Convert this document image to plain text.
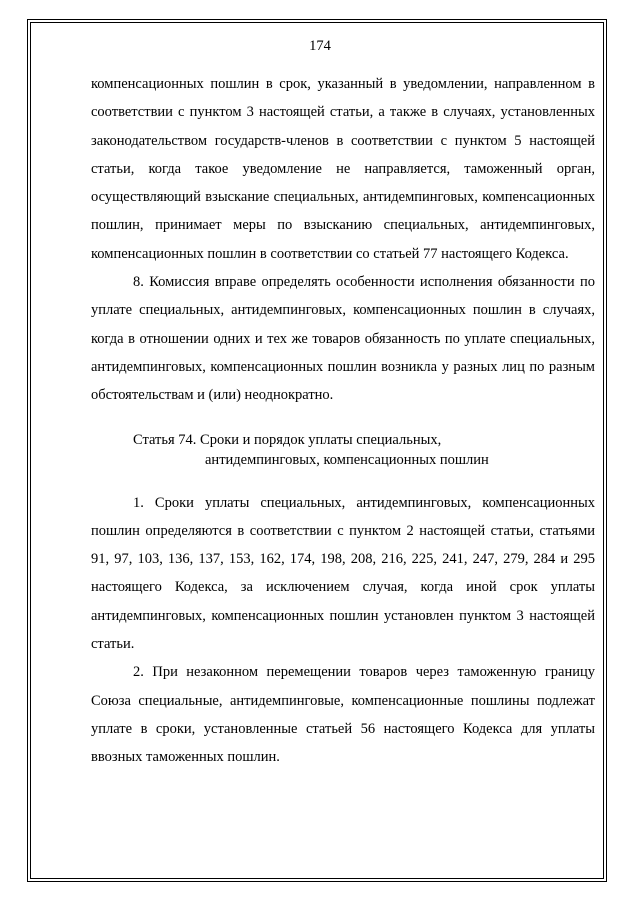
174

компенсационных пошлин в срок, указанный в уведомлении, направленном в соответствии с пунктом 3 настоящей статьи, а также в случаях, установленных законодательством государств-членов в соответствии с пунктом 5 настоящей статьи, когда такое уведомление не направляется, таможенный орган, осуществляющий взыскание специальных, антидемпинговых, компенсационных пошлин, принимает меры по взысканию специальных, антидемпинговых, компенсационных пошлин в соответствии со статьей 77 настоящего Кодекса.

8. Комиссия вправе определять особенности исполнения обязанности по уплате специальных, антидемпинговых, компенсационных пошлин в случаях, когда в отношении одних и тех же товаров обязанность по уплате специальных, антидемпинговых, компенсационных пошлин возникла у разных лиц по разным обстоятельствам и (или) неоднократно.

Статья 74. Сроки и порядок уплаты специальных,
антидемпинговых, компенсационных пошлин

1. Сроки уплаты специальных, антидемпинговых, компенсационных пошлин определяются в соответствии с пунктом 2 настоящей статьи, статьями 91, 97, 103, 136, 137, 153, 162, 174, 198, 208, 216, 225, 241, 247, 279, 284 и 295 настоящего Кодекса, за исключением случая, когда иной срок уплаты антидемпинговых, компенсационных пошлин установлен пунктом 3 настоящей статьи.

2. При незаконном перемещении товаров через таможенную границу Союза специальные, антидемпинговые, компенсационные пошлины подлежат уплате в сроки, установленные статьей 56 настоящего Кодекса для уплаты ввозных таможенных пошлин.
